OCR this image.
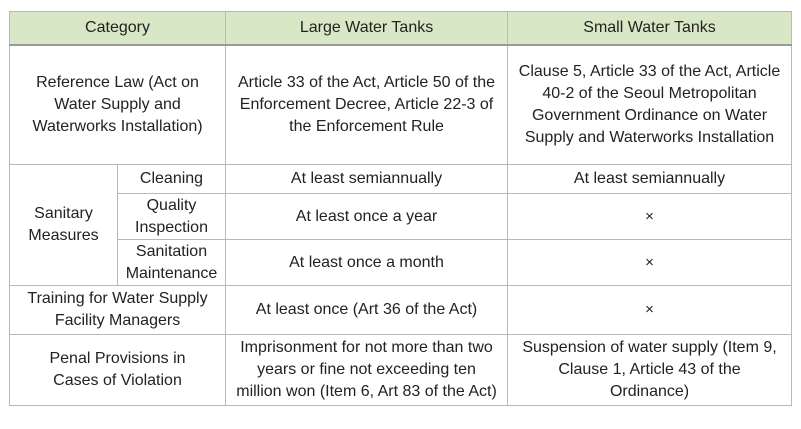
Category		Large Water Tanks	Small Water Tanks
Reference Law (Act on Water Supply and Waterworks Installation)		Article 33 of the Act, Article 50 of the Enforcement Decree, Article 22-3 of the Enforcement Rule	Clause 5, Article 33 of the Act, Article 40-2 of the Seoul Metropolitan Government Ordinance on Water Supply and Waterworks Installation
Sanitary Measures	Cleaning	At least semiannually	At least semiannually
	Quality Inspection	At least once a year	×
	Sanitation Maintenance	At least once a month	×
Training for Water Supply Facility Managers		At least once (Art 36 of the Act)	×
Penal Provisions in Cases of Violation		Imprisonment for not more than two years or fine not exceeding ten million won (Item 6, Art 83 of the Act)	Suspension of water supply (Item 9, Clause 1, Article 43 of the Ordinance)
